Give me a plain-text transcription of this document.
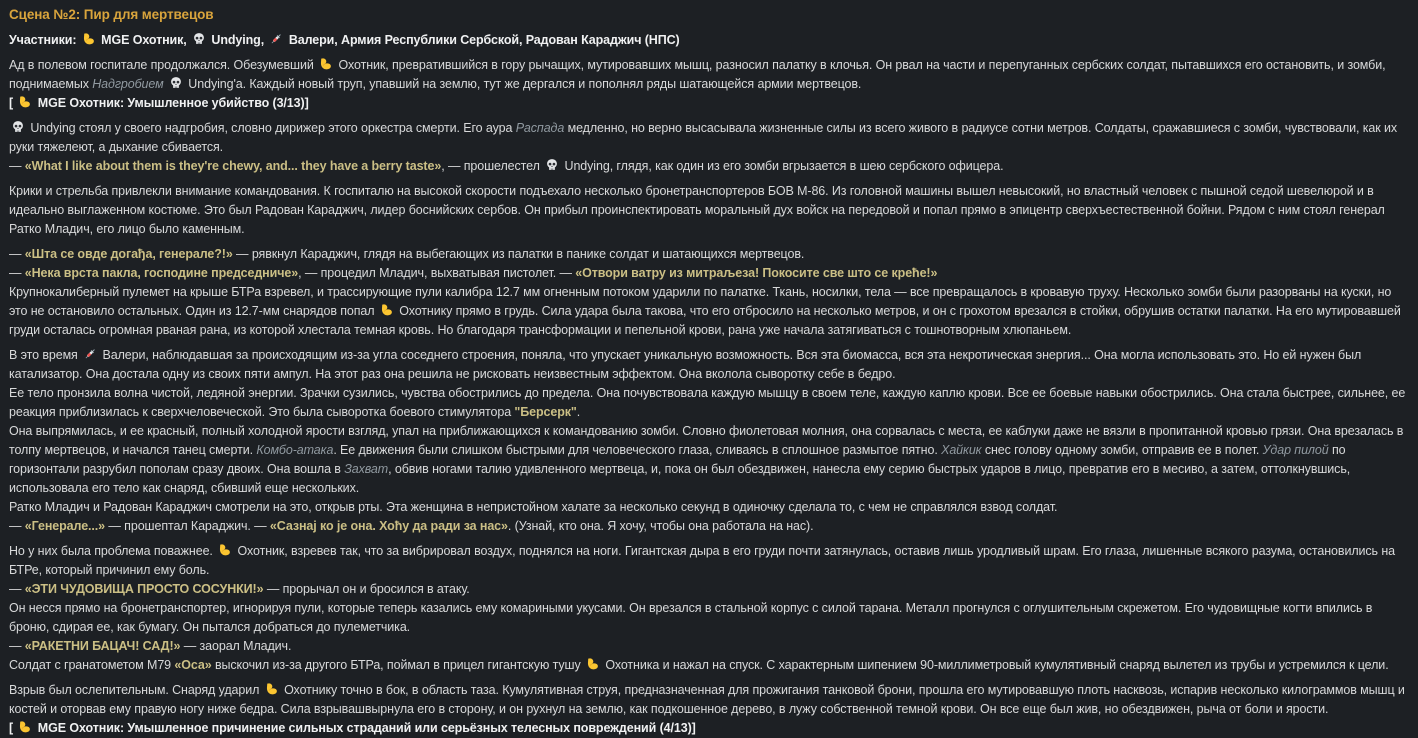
Сцена №2: Пир для мертвецов

Участники:
MGE Охотник,
Undying,
Валери, Армия Республики Сербской, Радован Караджич (НПС)

Ад в полевом госпитале продолжался. Обезумевший
Охотник, превратившийся в гору рычащих, мутировавших мышц, разносил палатку в клочья. Он рвал на части и перепуганных сербских солдат, пытавшихся его остановить, и зомби, поднимаемых Надгробием
Undying'а. Каждый новый труп, упавший на землю, тут же дергался и пополнял ряды шатающейся армии мертвецов.

[
MGE Охотник: Умышленное убийство (3/13)]

Undying стоял у своего надгробия, словно дирижер этого оркестра смерти. Его аура Распада медленно, но верно высасывала жизненные силы из всего живого в радиусе сотни метров. Солдаты, сражавшиеся с зомби, чувствовали, как их руки тяжелеют, а дыхание сбивается.

— «What I like about them is they're chewy, and... they have a berry taste», — прошелестел
Undying, глядя, как один из его зомби вгрызается в шею сербского офицера.

Крики и стрельба привлекли внимание командования. К госпиталю на высокой скорости подъехало несколько бронетранспортеров БОВ М-86. Из головной машины вышел невысокий, но властный человек с пышной седой шевелюрой и в идеально выглаженном костюме. Это был Радован Караджич, лидер боснийских сербов. Он прибыл проинспектировать моральный дух войск на передовой и попал прямо в эпицентр сверхъестественной бойни. Рядом с ним стоял генерал Ратко Младич, его лицо было каменным.

— «Шта се овде догађа, генерале?!» — рявкнул Караджич, глядя на выбегающих из палатки в панике солдат и шатающихся мертвецов.

— «Нека врста пакла, господине председниче», — процедил Младич, выхватывая пистолет. — «Отвори ватру из митраљеза! Покосите све што се креће!»

Крупнокалиберный пулемет на крыше БТРа взревел, и трассирующие пули калибра 12.7 мм огненным потоком ударили по палатке. Ткань, носилки, тела — все превращалось в кровавую труху. Несколько зомби были разорваны на куски, но это не остановило остальных. Один из 12.7-мм снарядов попал
Охотнику прямо в грудь. Сила удара была такова, что его отбросило на несколько метров, и он с грохотом врезался в стойки, обрушив остатки палатки. На его мутировавшей груди осталась огромная рваная рана, из которой хлестала темная кровь. Но благодаря трансформации и пепельной крови, рана уже начала затягиваться с тошнотворным хлюпаньем.

В это время
Валери, наблюдавшая за происходящим из-за угла соседнего строения, поняла, что упускает уникальную возможность. Вся эта биомасса, вся эта некротическая энергия... Она могла использовать это. Но ей нужен был катализатор. Она достала одну из своих пяти ампул. На этот раз она решила не рисковать неизвестным эффектом. Она вколола сыворотку себе в бедро.

Ее тело пронзила волна чистой, ледяной энергии. Зрачки сузились, чувства обострились до предела. Она почувствовала каждую мышцу в своем теле, каждую каплю крови. Все ее боевые навыки обострились. Она стала быстрее, сильнее, ее реакция приблизилась к сверхчеловеческой. Это была сыворотка боевого стимулятора "Берсерк".

Она выпрямилась, и ее красный, полный холодной ярости взгляд, упал на приближающихся к командованию зомби. Словно фиолетовая молния, она сорвалась с места, ее каблуки даже не вязли в пропитанной кровью грязи. Она врезалась в толпу мертвецов, и начался танец смерти. Комбо-атака. Ее движения были слишком быстрыми для человеческого глаза, сливаясь в сплошное размытое пятно. Хайкик снес голову одному зомби, отправив ее в полет. Удар пилой по горизонтали разрубил пополам сразу двоих. Она вошла в Захват, обвив ногами талию удивленного мертвеца, и, пока он был обездвижен, нанесла ему серию быстрых ударов в лицо, превратив его в месиво, а затем, оттолкнувшись, использовала его тело как снаряд, сбивший еще нескольких.

Ратко Младич и Радован Караджич смотрели на это, открыв рты. Эта женщина в непристойном халате за несколько секунд в одиночку сделала то, с чем не справлялся взвод солдат.

— «Генерале...» — прошептал Караджич. — «Сазнај ко је она. Хоћу да ради за нас». (Узнай, кто она. Я хочу, чтобы она работала на нас).

Но у них была проблема поважнее.
Охотник, взревев так, что за вибрировал воздух, поднялся на ноги. Гигантская дыра в его груди почти затянулась, оставив лишь уродливый шрам. Его глаза, лишенные всякого разума, остановились на БТРе, который причинил ему боль.

— «ЭТИ ЧУДОВИЩА ПРОСТО СОСУНКИ!» — прорычал он и бросился в атаку.

Он несся прямо на бронетранспортер, игнорируя пули, которые теперь казались ему комариными укусами. Он врезался в стальной корпус с силой тарана. Металл прогнулся с оглушительным скрежетом. Его чудовищные когти впились в броню, сдирая ее, как бумагу. Он пытался добраться до пулеметчика.

— «РАКЕТНИ БАЦАЧ! САД!» — заорал Младич.

Солдат с гранатометом М79 «Оса» выскочил из-за другого БТРа, поймал в прицел гигантскую тушу
Охотника и нажал на спуск. С характерным шипением 90-миллиметровый кумулятивный снаряд вылетел из трубы и устремился к цели.

Взрыв был ослепительным. Снаряд ударил
Охотнику точно в бок, в область таза. Кумулятивная струя, предназначенная для прожигания танковой брони, прошла его мутировавшую плоть насквозь, испарив несколько килограммов мышц и костей и оторвав ему правую ногу ниже бедра. Сила взрывашвырнула его в сторону, и он рухнул на землю, как подкошенное дерево, в лужу собственной темной крови. Он все еще был жив, но обездвижен, рыча от боли и ярости.

[
MGE Охотник: Умышленное причинение сильных страданий или серьёзных телесных повреждений (4/13)]
